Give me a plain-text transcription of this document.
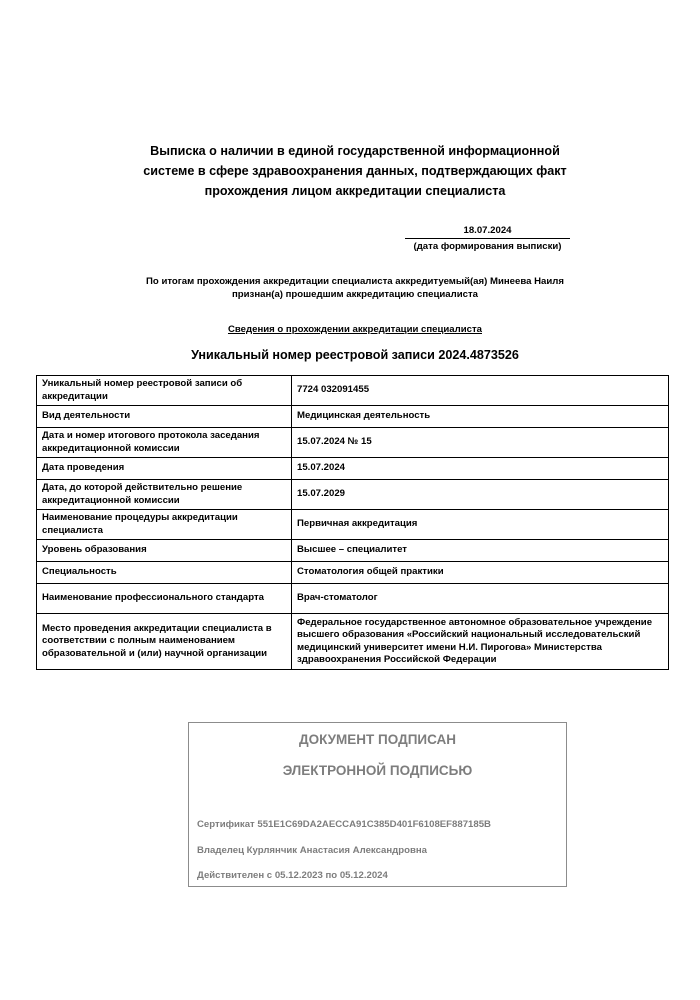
Выписка о наличии в единой государственной информационной
системе в сфере здравоохранения данных, подтверждающих факт
прохождения лицом аккредитации специалиста
18.07.2024
(дата формирования выписки)
По итогам прохождения аккредитации специалиста аккредитуемый(ая) Минеева Наиля
признан(а) прошедшим аккредитацию специалиста
Сведения о прохождении аккредитации специалиста
Уникальный номер реестровой записи 2024.4873526
Уникальный номер реестровой записи об аккредитации	7724 032091455
Вид деятельности	Медицинская деятельность
Дата и номер итогового протокола заседания аккредитационной комиссии	15.07.2024 № 15
Дата проведения	15.07.2024
Дата, до которой действительно решение аккредитационной комиссии	15.07.2029
Наименование процедуры аккредитации специалиста	Первичная аккредитация
Уровень образования	Высшее – специалитет
Специальность	Стоматология общей практики
Наименование профессионального стандарта	Врач-стоматолог
Место проведения аккредитации специалиста в соответствии с полным наименованием образовательной и (или) научной организации	Федеральное государственное автономное образовательное учреждение высшего образования «Российский национальный исследовательский медицинский университет имени Н.И. Пирогова» Министерства здравоохранения Российской Федерации
ДОКУМЕНТ ПОДПИСАН
ЭЛЕКТРОННОЙ ПОДПИСЬЮ
Сертификат 551E1C69DA2AECCA91C385D401F6108EF887185B
Владелец Курлянчик Анастасия Александровна
Действителен с 05.12.2023 по 05.12.2024
